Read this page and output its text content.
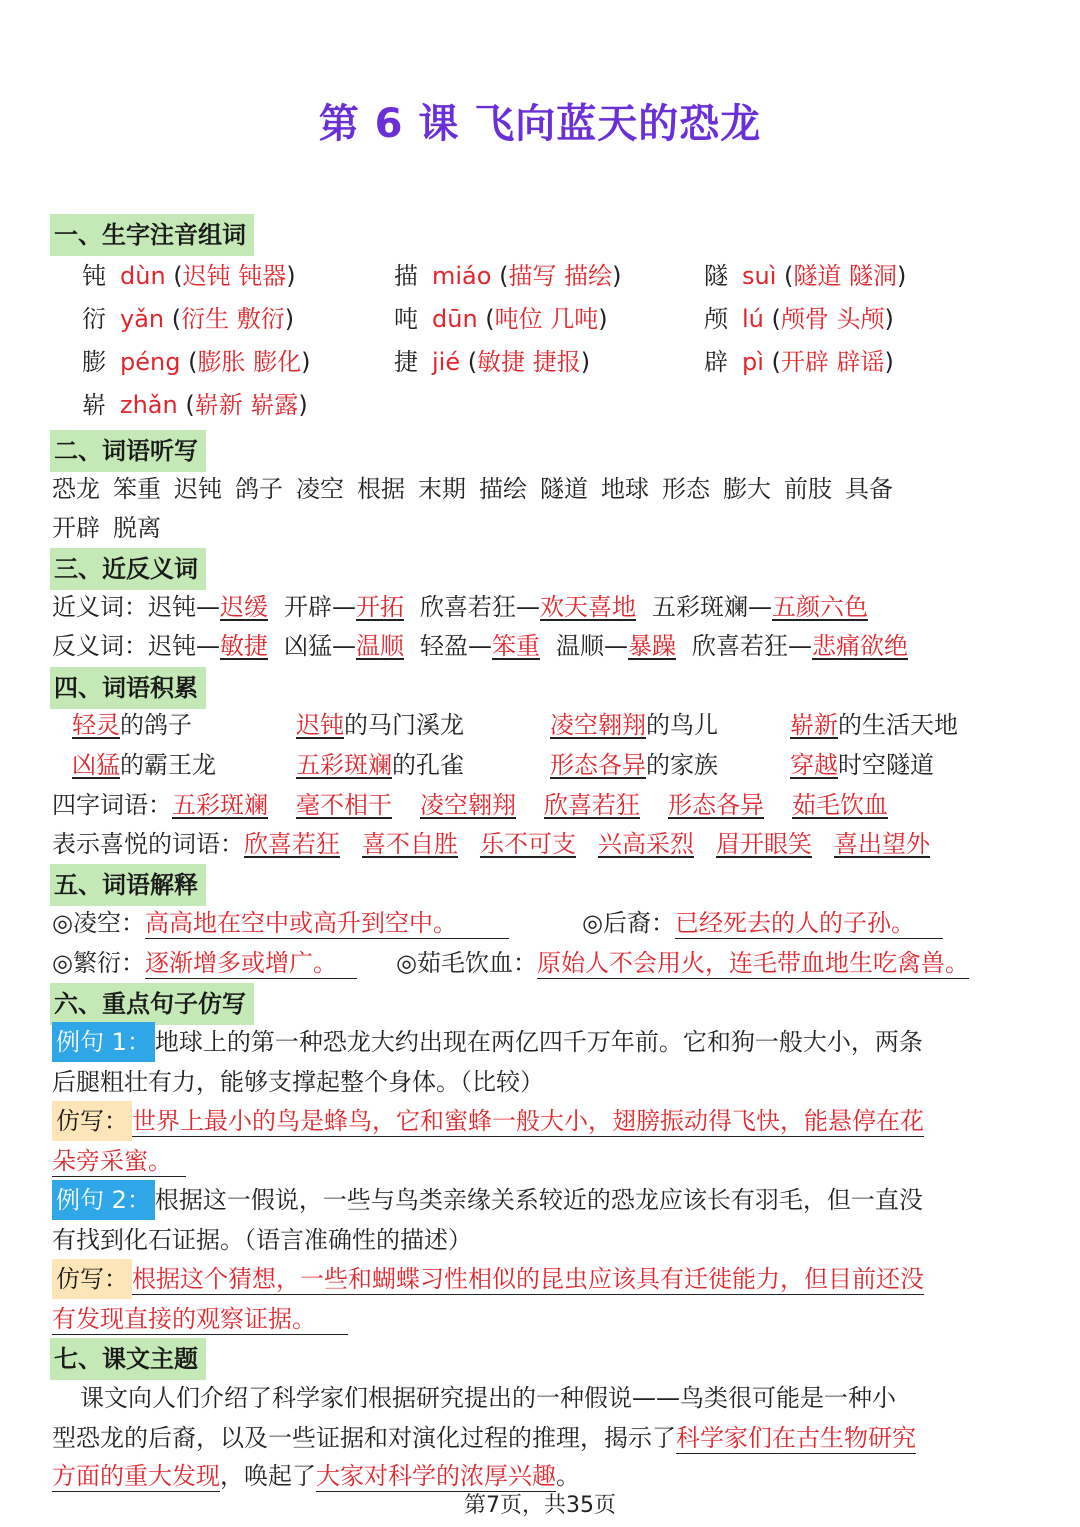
第 6 课 飞向蓝天的恐龙
一、生字注音组词
钝 dùn (迟钝 钝器)	描 miáo (描写 描绘)	隧 suì (隧道 隧洞)
衍 yǎn (衍生 敷衍)	吨 dūn (吨位 几吨)	颅 lú (颅骨 头颅)
膨 péng (膨胀 膨化)	捷 jié (敏捷 捷报)	辟 pì (开辟 辟谣)
崭 zhǎn (崭新 崭露)
二、词语听写
恐龙 笨重 迟钝 鸽子 凌空 根据 末期 描绘 隧道 地球 形态 膨大 前肢 具备
开辟 脱离
三、近反义词
近义词：迟钝—迟缓 开辟—开拓 欣喜若狂—欢天喜地 五彩斑斓—五颜六色
反义词：迟钝—敏捷 凶猛—温顺 轻盈—笨重 温顺—暴躁 欣喜若狂—悲痛欲绝
四、词语积累
轻灵的鸽子	迟钝的马门溪龙	凌空翱翔的鸟儿	崭新的生活天地
凶猛的霸王龙	五彩斑斓的孔雀	形态各异的家族	穿越时空隧道
四字词语：五彩斑斓 毫不相干 凌空翱翔 欣喜若狂 形态各异 茹毛饮血
表示喜悦的词语：欣喜若狂 喜不自胜 乐不可支 兴高采烈 眉开眼笑 喜出望外
五、词语解释
◎凌空：高高地在空中或高升到空中。	◎后裔：已经死去的人的子孙。
◎繁衍：逐渐增多或增广。	◎茹毛饮血：原始人不会用火，连毛带血地生吃禽兽。
六、重点句子仿写
例句 1： 地球上的第一种恐龙大约出现在两亿四千万年前。它和狗一般大小，两条
后腿粗壮有力，能够支撑起整个身体。（比较）
仿写： 世界上最小的鸟是蜂鸟，它和蜜蜂一般大小，翅膀振动得飞快，能悬停在花
朵旁采蜜。
例句 2： 根据这一假说，一些与鸟类亲缘关系较近的恐龙应该长有羽毛，但一直没
有找到化石证据。（语言准确性的描述）
仿写： 根据这个猜想，一些和蝴蝶习性相似的昆虫应该具有迁徙能力，但目前还没
有发现直接的观察证据。
七、课文主题
课文向人们介绍了科学家们根据研究提出的一种假说——鸟类很可能是一种小
型恐龙的后裔，以及一些证据和对演化过程的推理，揭示了科学家们在古生物研究
方面的重大发现，唤起了大家对科学的浓厚兴趣。
第7页，共35页
